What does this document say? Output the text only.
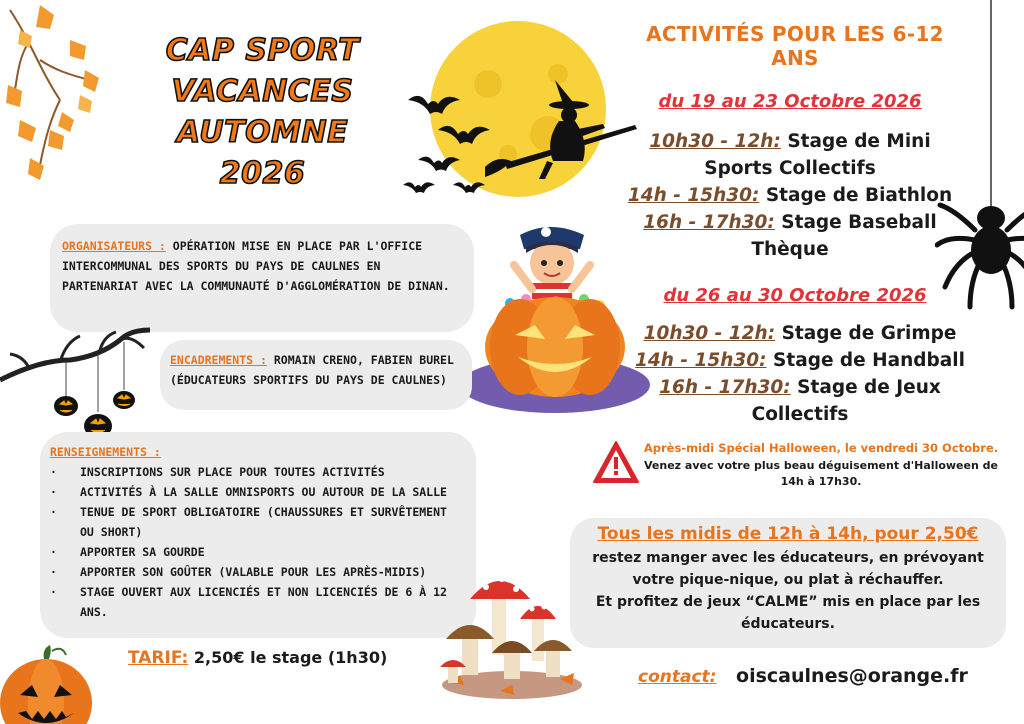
CAP SPORT
VACANCES
AUTOMNE
2026
ACTIVITÉS POUR LES 6-12 ANS
du 19 au 23 Octobre 2026
10h30 - 12h: Stage de Mini
Sports Collectifs
14h - 15h30: Stage de Biathlon
16h - 17h30: Stage Baseball
Thèque
du 26 au 30 Octobre 2026
10h30 - 12h: Stage de Grimpe
14h - 15h30: Stage de Handball
16h - 17h30: Stage de Jeux
Collectifs
ORGANISATEURS : OPÉRATION MISE EN PLACE PAR L'OFFICE INTERCOMMUNAL DES SPORTS DU PAYS DE CAULNES EN PARTENARIAT AVEC LA COMMUNAUTÉ D'AGGLOMÉRATION DE DINAN.
ENCADREMENTS : ROMAIN CRENO, FABIEN BUREL
(ÉDUCATEURS SPORTIFS DU PAYS DE CAULNES)
RENSEIGNEMENTS :
· INSCRIPTIONS SUR PLACE POUR TOUTES ACTIVITÉS
· ACTIVITÉS À LA SALLE OMNISPORTS OU AUTOUR DE LA SALLE
· TENUE DE SPORT OBLIGATOIRE (CHAUSSURES ET SURVÊTEMENT OU SHORT)
· APPORTER SA GOURDE
· APPORTER SON GOÛTER (VALABLE POUR LES APRÈS-MIDIS)
· STAGE OUVERT AUX LICENCIÉS ET NON LICENCIÉS DE 6 À 12 ANS.
TARIF: 2,50€ le stage (1h30)
Après-midi Spécial Halloween, le vendredi 30 Octobre.
Venez avec votre plus beau déguisement d'Halloween de 14h à 17h30.
Tous les midis de 12h à 14h, pour 2,50€
restez manger avec les éducateurs, en prévoyant
votre pique-nique, ou plat à réchauffer.
Et profitez de jeux “CALME” mis en place par les
éducateurs.
contact: oiscaulnes@orange.fr
